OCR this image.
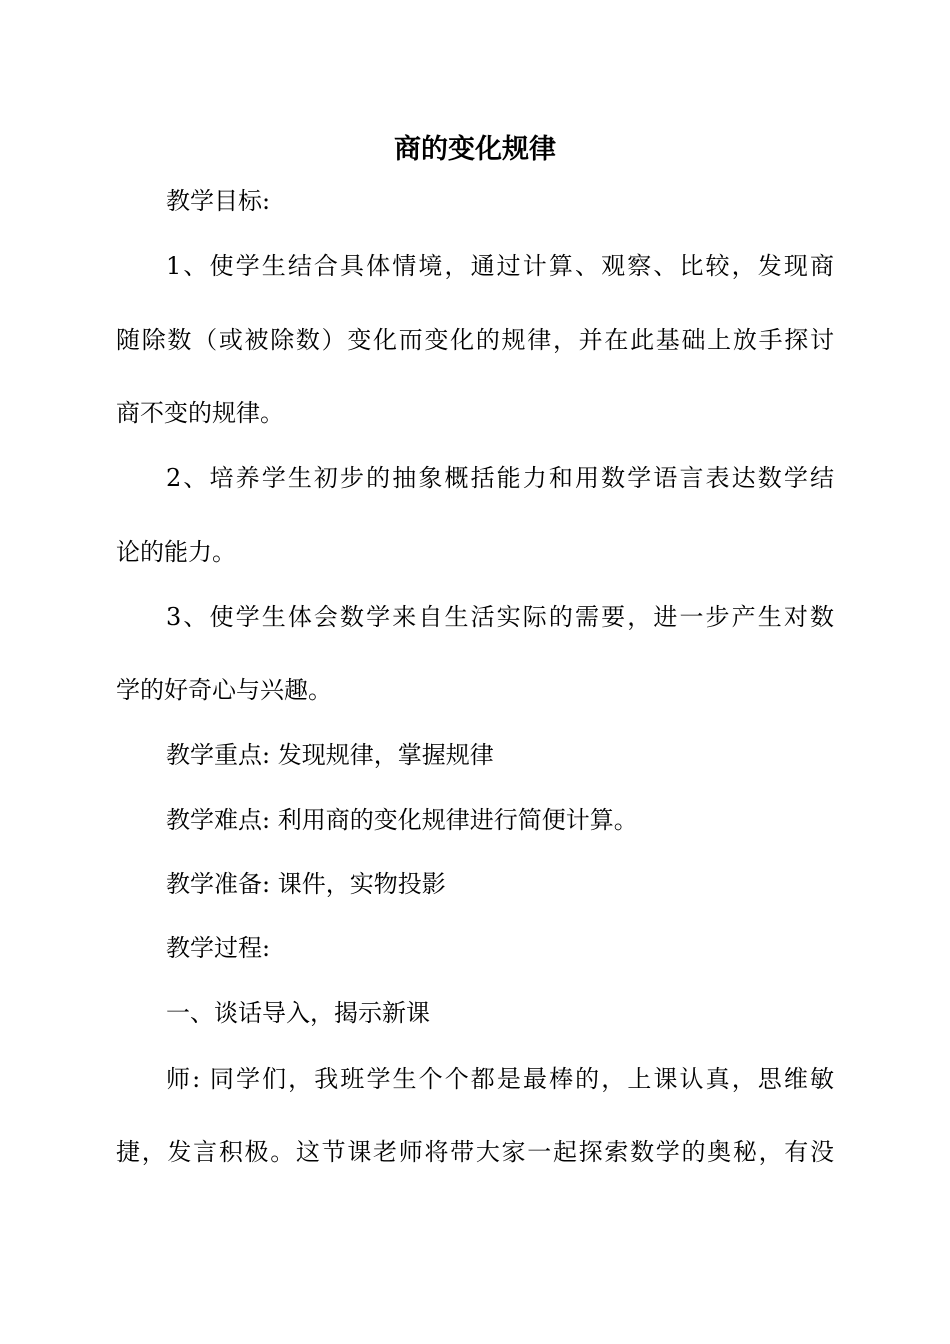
商的变化规律

教学目标:

1、使学生结合具体情境，通过计算、观察、比较，发现商

随除数（或被除数）变化而变化的规律，并在此基础上放手探讨

商不变的规律。

2、培养学生初步的抽象概括能力和用数学语言表达数学结

论的能力。

3、使学生体会数学来自生活实际的需要，进一步产生对数

学的好奇心与兴趣。

教学重点: 发现规律，掌握规律

教学难点: 利用商的变化规律进行简便计算。

教学准备: 课件，实物投影

教学过程:

一、谈话导入，揭示新课

师: 同学们，我班学生个个都是最棒的，上课认真，思维敏

捷，发言积极。这节课老师将带大家一起探索数学的奥秘，有没
